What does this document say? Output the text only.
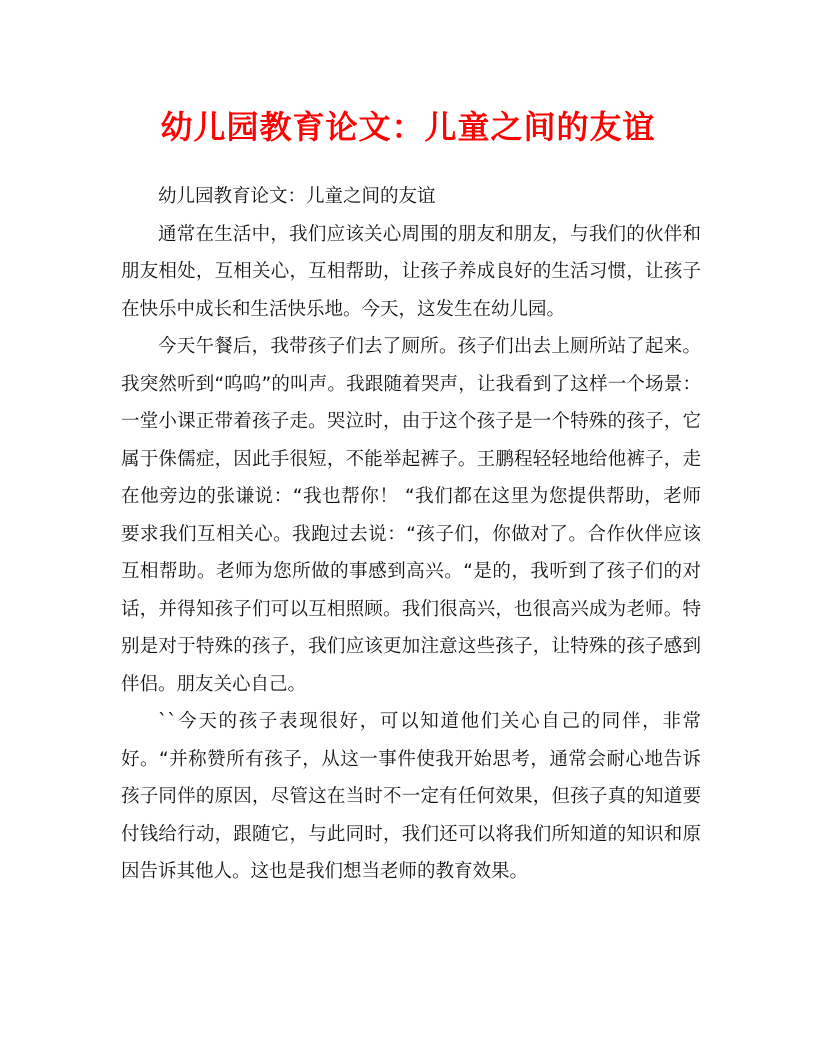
幼儿园教育论文：儿童之间的友谊

幼儿园教育论文：儿童之间的友谊

通常在生活中，我们应该关心周围的朋友和朋友，与我们的伙伴和朋友相处，互相关心，互相帮助，让孩子养成良好的生活习惯，让孩子在快乐中成长和生活快乐地。今天，这发生在幼儿园。

今天午餐后，我带孩子们去了厕所。孩子们出去上厕所站了起来。我突然听到“呜呜”的叫声。我跟随着哭声，让我看到了这样一个场景：一堂小课正带着孩子走。哭泣时，由于这个孩子是一个特殊的孩子，它属于侏儒症，因此手很短，不能举起裤子。王鹏程轻轻地给他裤子，走在他旁边的张谦说：“我也帮你！ “我们都在这里为您提供帮助，老师要求我们互相关心。我跑过去说：“孩子们，你做对了。合作伙伴应该互相帮助。老师为您所做的事感到高兴。“是的，我听到了孩子们的对话，并得知孩子们可以互相照顾。我们很高兴，也很高兴成为老师。特别是对于特殊的孩子，我们应该更加注意这些孩子，让特殊的孩子感到伴侣。朋友关心自己。

``今天的孩子表现很好，可以知道他们关心自己的同伴，非常好。“并称赞所有孩子，从这一事件使我开始思考，通常会耐心地告诉孩子同伴的原因，尽管这在当时不一定有任何效果，但孩子真的知道要付钱给行动，跟随它，与此同时，我们还可以将我们所知道的知识和原因告诉其他人。这也是我们想当老师的教育效果。
